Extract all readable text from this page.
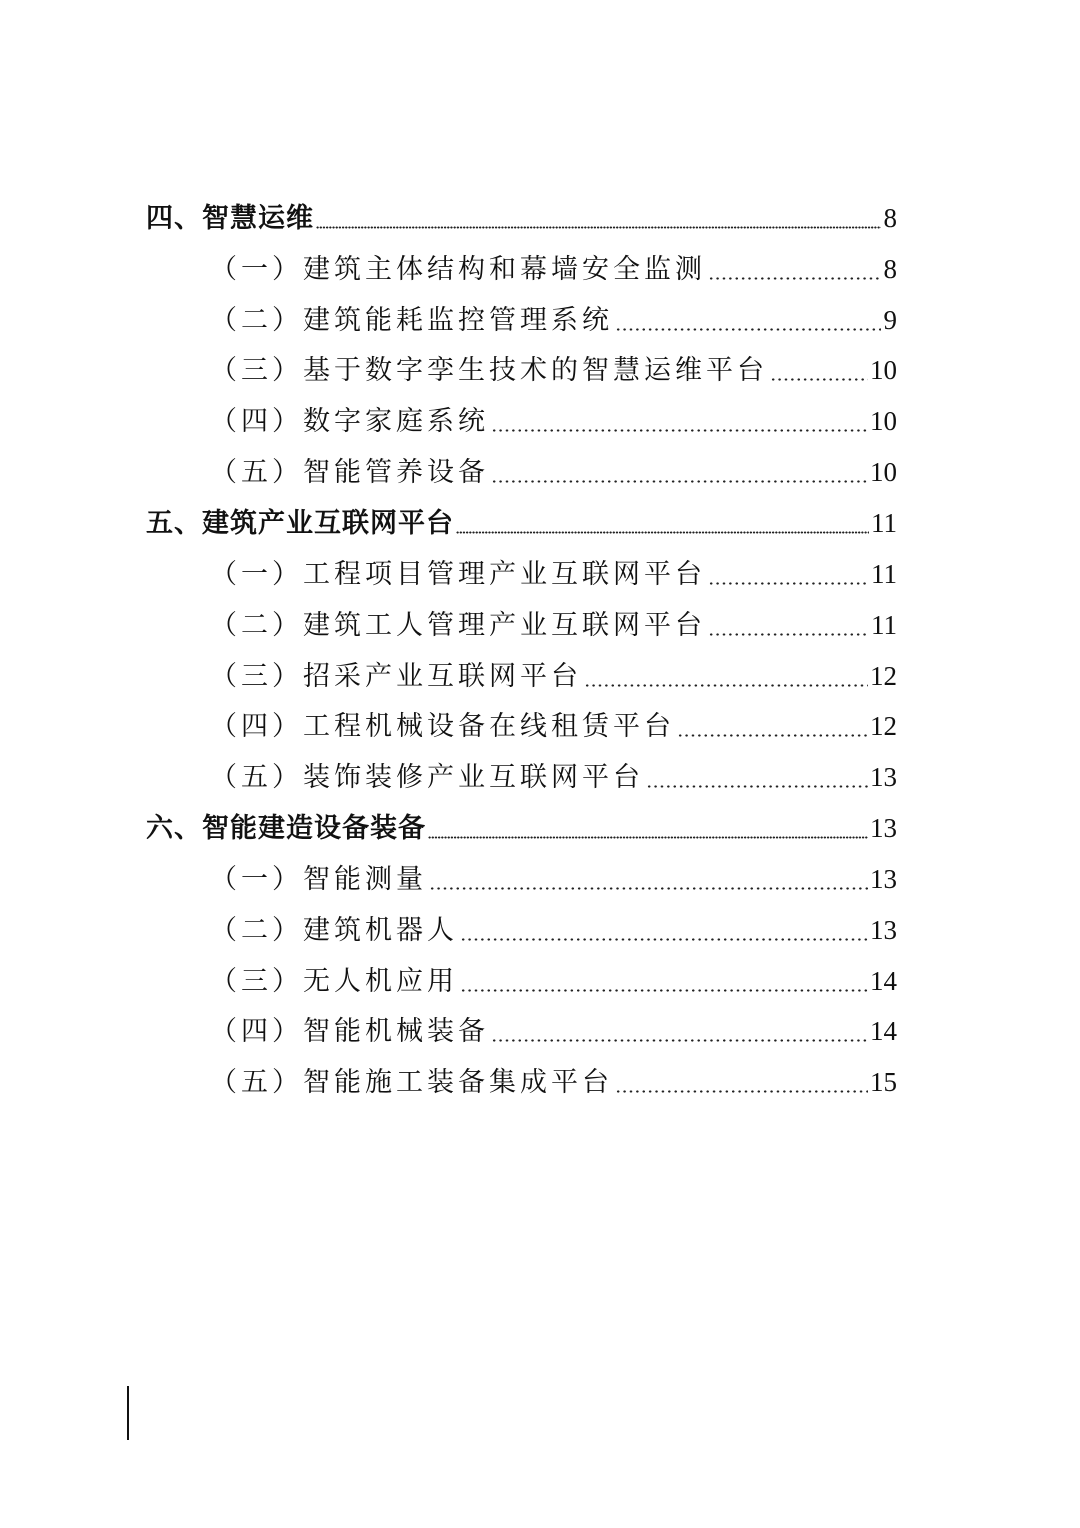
四、智慧运维	8
（一）建筑主体结构和幕墙安全监测	8
（二）建筑能耗监控管理系统	9
（三）基于数字孪生技术的智慧运维平台	10
（四）数字家庭系统	10
（五）智能管养设备	10
五、建筑产业互联网平台	11
（一）工程项目管理产业互联网平台	11
（二）建筑工人管理产业互联网平台	11
（三）招采产业互联网平台	12
（四）工程机械设备在线租赁平台	12
（五）装饰装修产业互联网平台	13
六、智能建造设备装备	13
（一）智能测量	13
（二）建筑机器人	13
（三）无人机应用	14
（四）智能机械装备	14
（五）智能施工装备集成平台	15
